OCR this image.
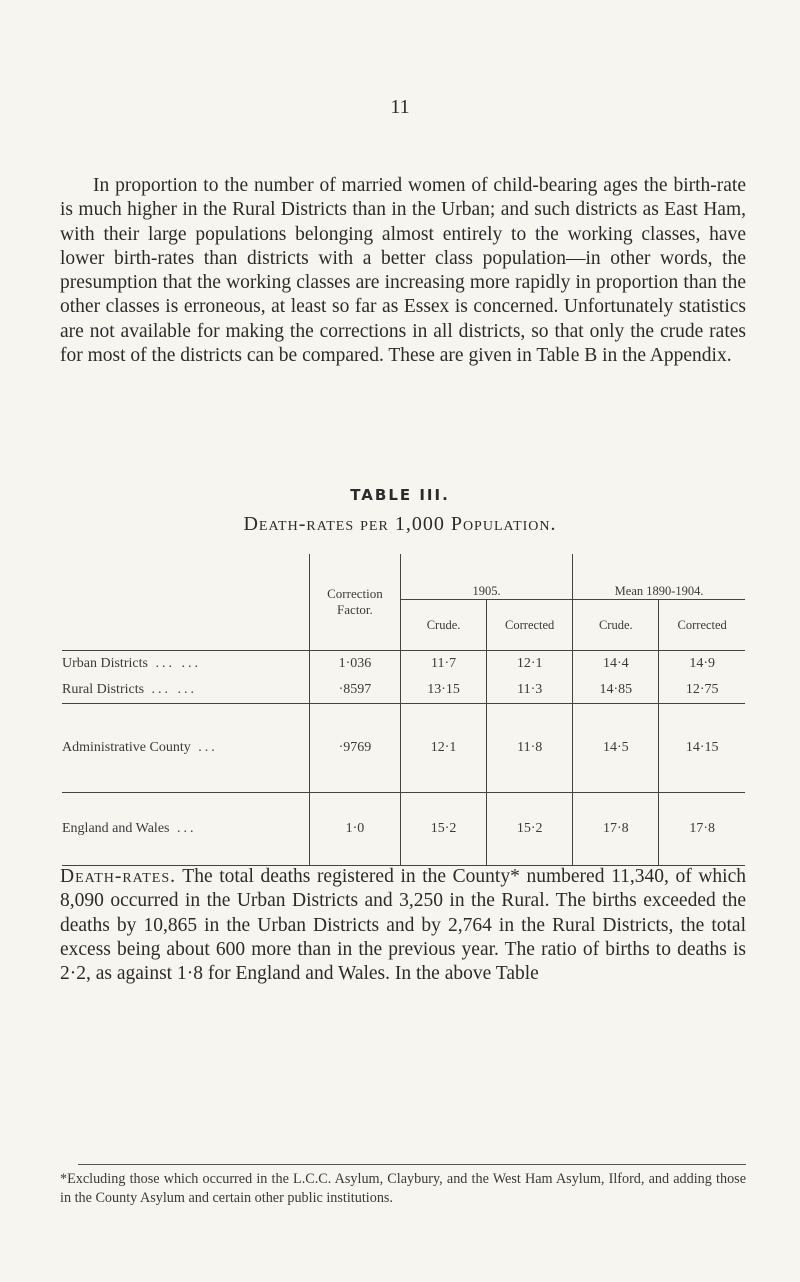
11

In proportion to the number of married women of child-bearing ages the birth-rate is much higher in the Rural Districts than in the Urban; and such districts as East Ham, with their large populations belonging almost entirely to the working classes, have lower birth-rates than districts with a better class population—in other words, the presumption that the working classes are increasing more rapidly in proportion than the other classes is erroneous, at least so far as Essex is concerned. Unfortunately statistics are not available for making the corrections in all districts, so that only the crude rates for most of the districts can be compared. These are given in Table B in the Appendix.

TABLE III.
Death-rates per 1,000 Population.
	Correction Factor.	1905.		Mean 1890-1904.	
		Crude.	Corrected	Crude.	Corrected
Urban Districts ... ...	1·036	11·7	12·1	14·4	14·9
Rural Districts ... ...	·8597	13·15	11·3	14·85	12·75
Administrative County ...	·9769	12·1	11·8	14·5	14·15
England and Wales ...	1·0	15·2	15·2	17·8	17·8

Death-rates. The total deaths registered in the County* numbered 11,340, of which 8,090 occurred in the Urban Districts and 3,250 in the Rural. The births exceeded the deaths by 10,865 in the Urban Districts and by 2,764 in the Rural Districts, the total excess being about 600 more than in the previous year. The ratio of births to deaths is 2·2, as against 1·8 for England and Wales. In the above Table

*Excluding those which occurred in the L.C.C. Asylum, Claybury, and the West Ham Asylum, Ilford, and adding those in the County Asylum and certain other public institutions.
